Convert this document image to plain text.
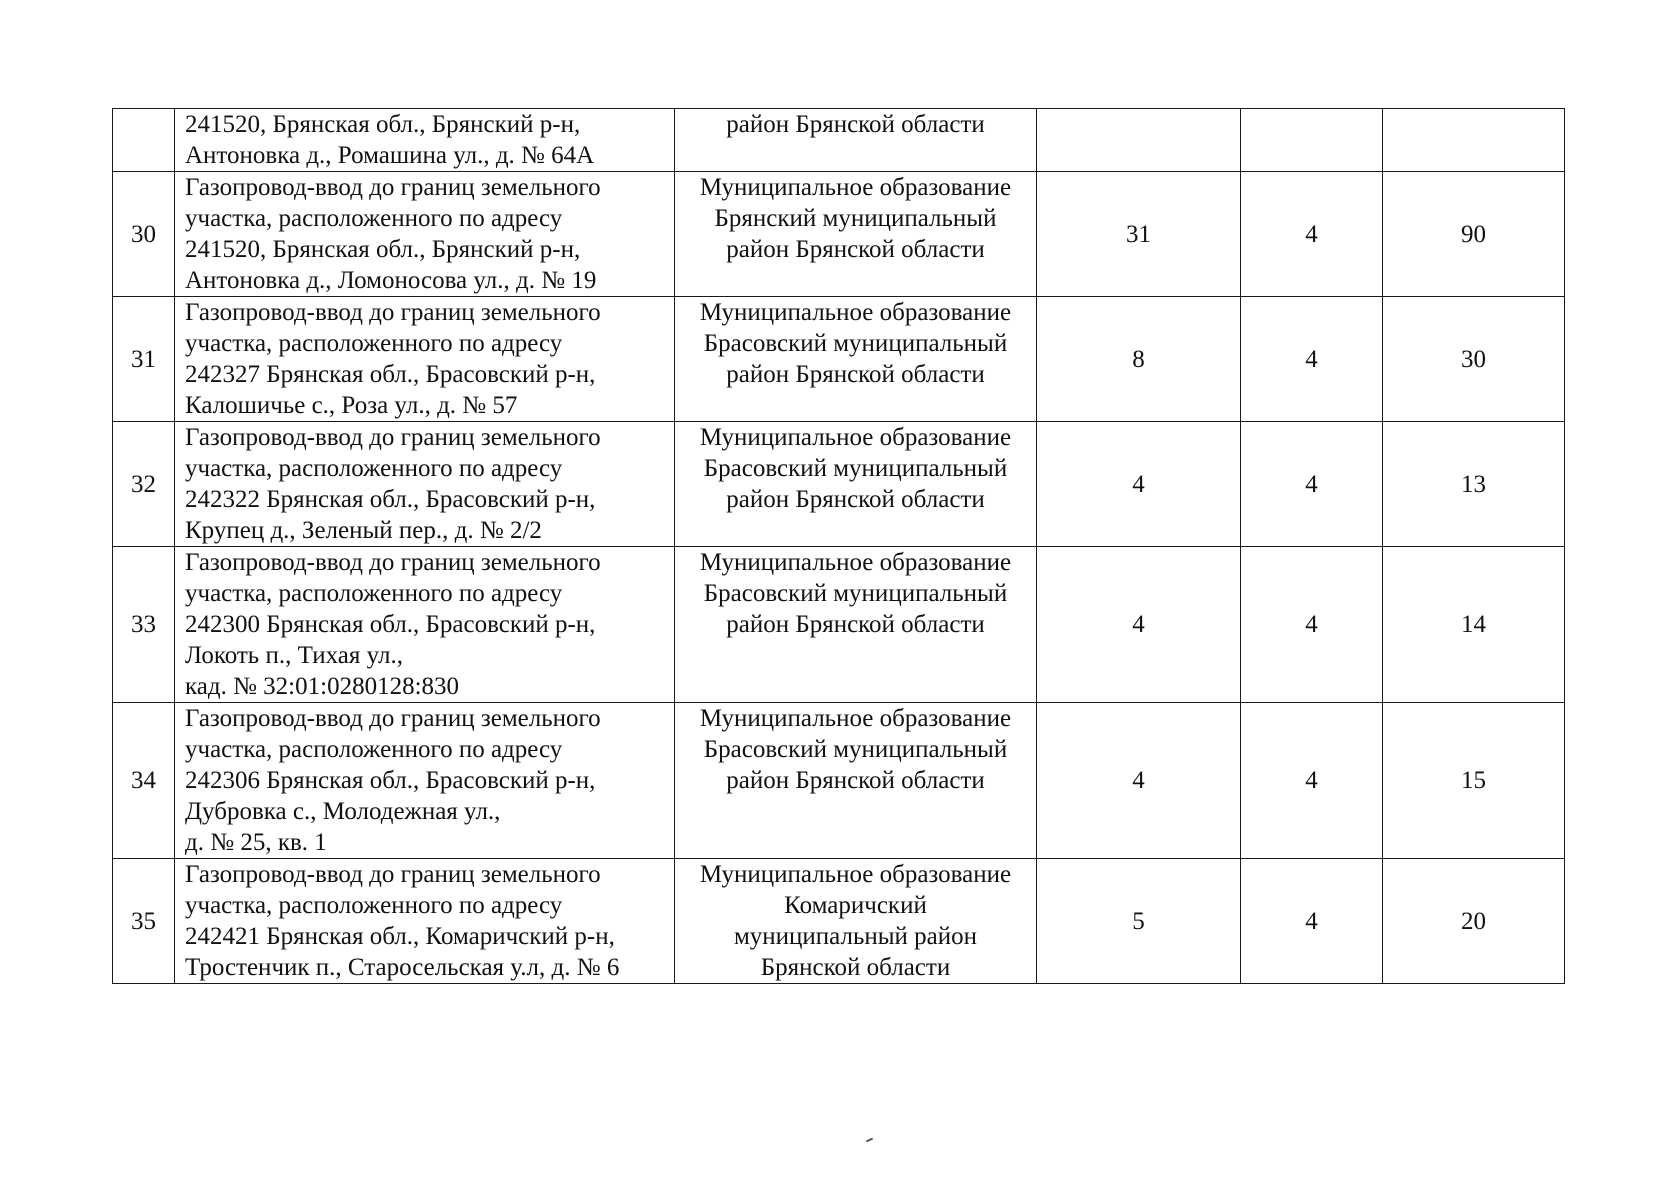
	241520, Брянская обл., Брянский р-н,
Антоновка д., Ромашина ул., д. № 64А	район Брянской области			

30	Газопровод-ввод до границ земельного
участка, расположенного по адресу
241520, Брянская обл., Брянский р-н,
Антоновка д., Ломоносова ул., д. № 19	Муниципальное образование
Брянский муниципальный
район Брянской области	31	4	90
31	Газопровод-ввод до границ земельного
участка, расположенного по адресу
242327 Брянская обл., Брасовский р-н,
Калошичье с., Роза ул., д. № 57	Муниципальное образование
Брасовский муниципальный
район Брянской области	8	4	30
32	Газопровод-ввод до границ земельного
участка, расположенного по адресу
242322 Брянская обл., Брасовский р-н,
Крупец д., Зеленый пер., д. № 2/2	Муниципальное образование
Брасовский муниципальный
район Брянской области	4	4	13
33	Газопровод-ввод до границ земельного
участка, расположенного по адресу
242300 Брянская обл., Брасовский р-н,
Локоть п., Тихая ул.,
кад. № 32:01:0280128:830	Муниципальное образование
Брасовский муниципальный
район Брянской области	4	4	14
34	Газопровод-ввод до границ земельного
участка, расположенного по адресу
242306 Брянская обл., Брасовский р-н,
Дубровка с., Молодежная ул.,
д. № 25, кв. 1	Муниципальное образование
Брасовский муниципальный
район Брянской области	4	4	15
35	Газопровод-ввод до границ земельного
участка, расположенного по адресу
242421 Брянская обл., Комаричский р-н,
Тростенчик п., Старосельская у.л, д. № 6	Муниципальное образование
Комаричский
муниципальный район
Брянской области	5	4	20
